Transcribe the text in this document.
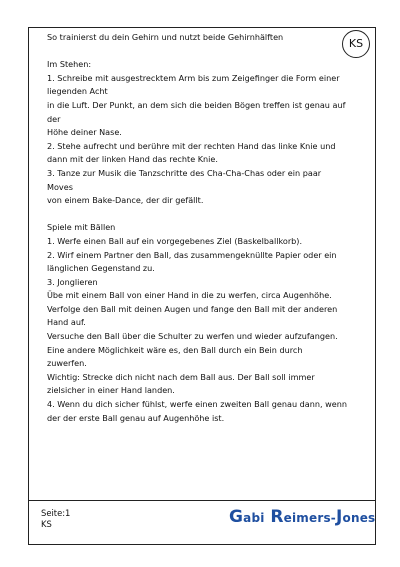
KS
So trainierst du dein Gehirn und nutzt beide Gehirnhälften
Im Stehen:
1. Schreibe mit ausgestrecktem Arm bis zum Zeigefinger die Form einer
liegenden Acht
in die Luft. Der Punkt, an dem sich die beiden Bögen treffen ist genau auf
der
Höhe deiner Nase.
2. Stehe aufrecht und berühre mit der rechten Hand das linke Knie und
dann mit der linken Hand das rechte Knie.
3. Tanze zur Musik die Tanzschritte des Cha-Cha-Chas oder ein paar
Moves
von einem Bake-Dance, der dir gefällt.
Spiele mit Bällen
1. Werfe einen Ball auf ein vorgegebenes Ziel (Baskelballkorb).
2. Wirf einem Partner den Ball, das zusammengeknüllte Papier oder ein
länglichen Gegenstand zu.
3. Jonglieren
Übe mit einem Ball von einer Hand in die zu werfen, circa Augenhöhe.
Verfolge den Ball mit deinen Augen und fange den Ball mit der anderen
Hand auf.
Versuche den Ball über die Schulter zu werfen und wieder aufzufangen.
Eine andere Möglichkeit wäre es, den Ball durch ein Bein durch
zuwerfen.
Wichtig: Strecke dich nicht nach dem Ball aus. Der Ball soll immer
zielsicher in einer Hand landen.
4. Wenn du dich sicher fühlst, werfe einen zweiten Ball genau dann, wenn
der der erste Ball genau auf Augenhöhe ist.
Seite:1
KS	Gabi Reimers-Jones
